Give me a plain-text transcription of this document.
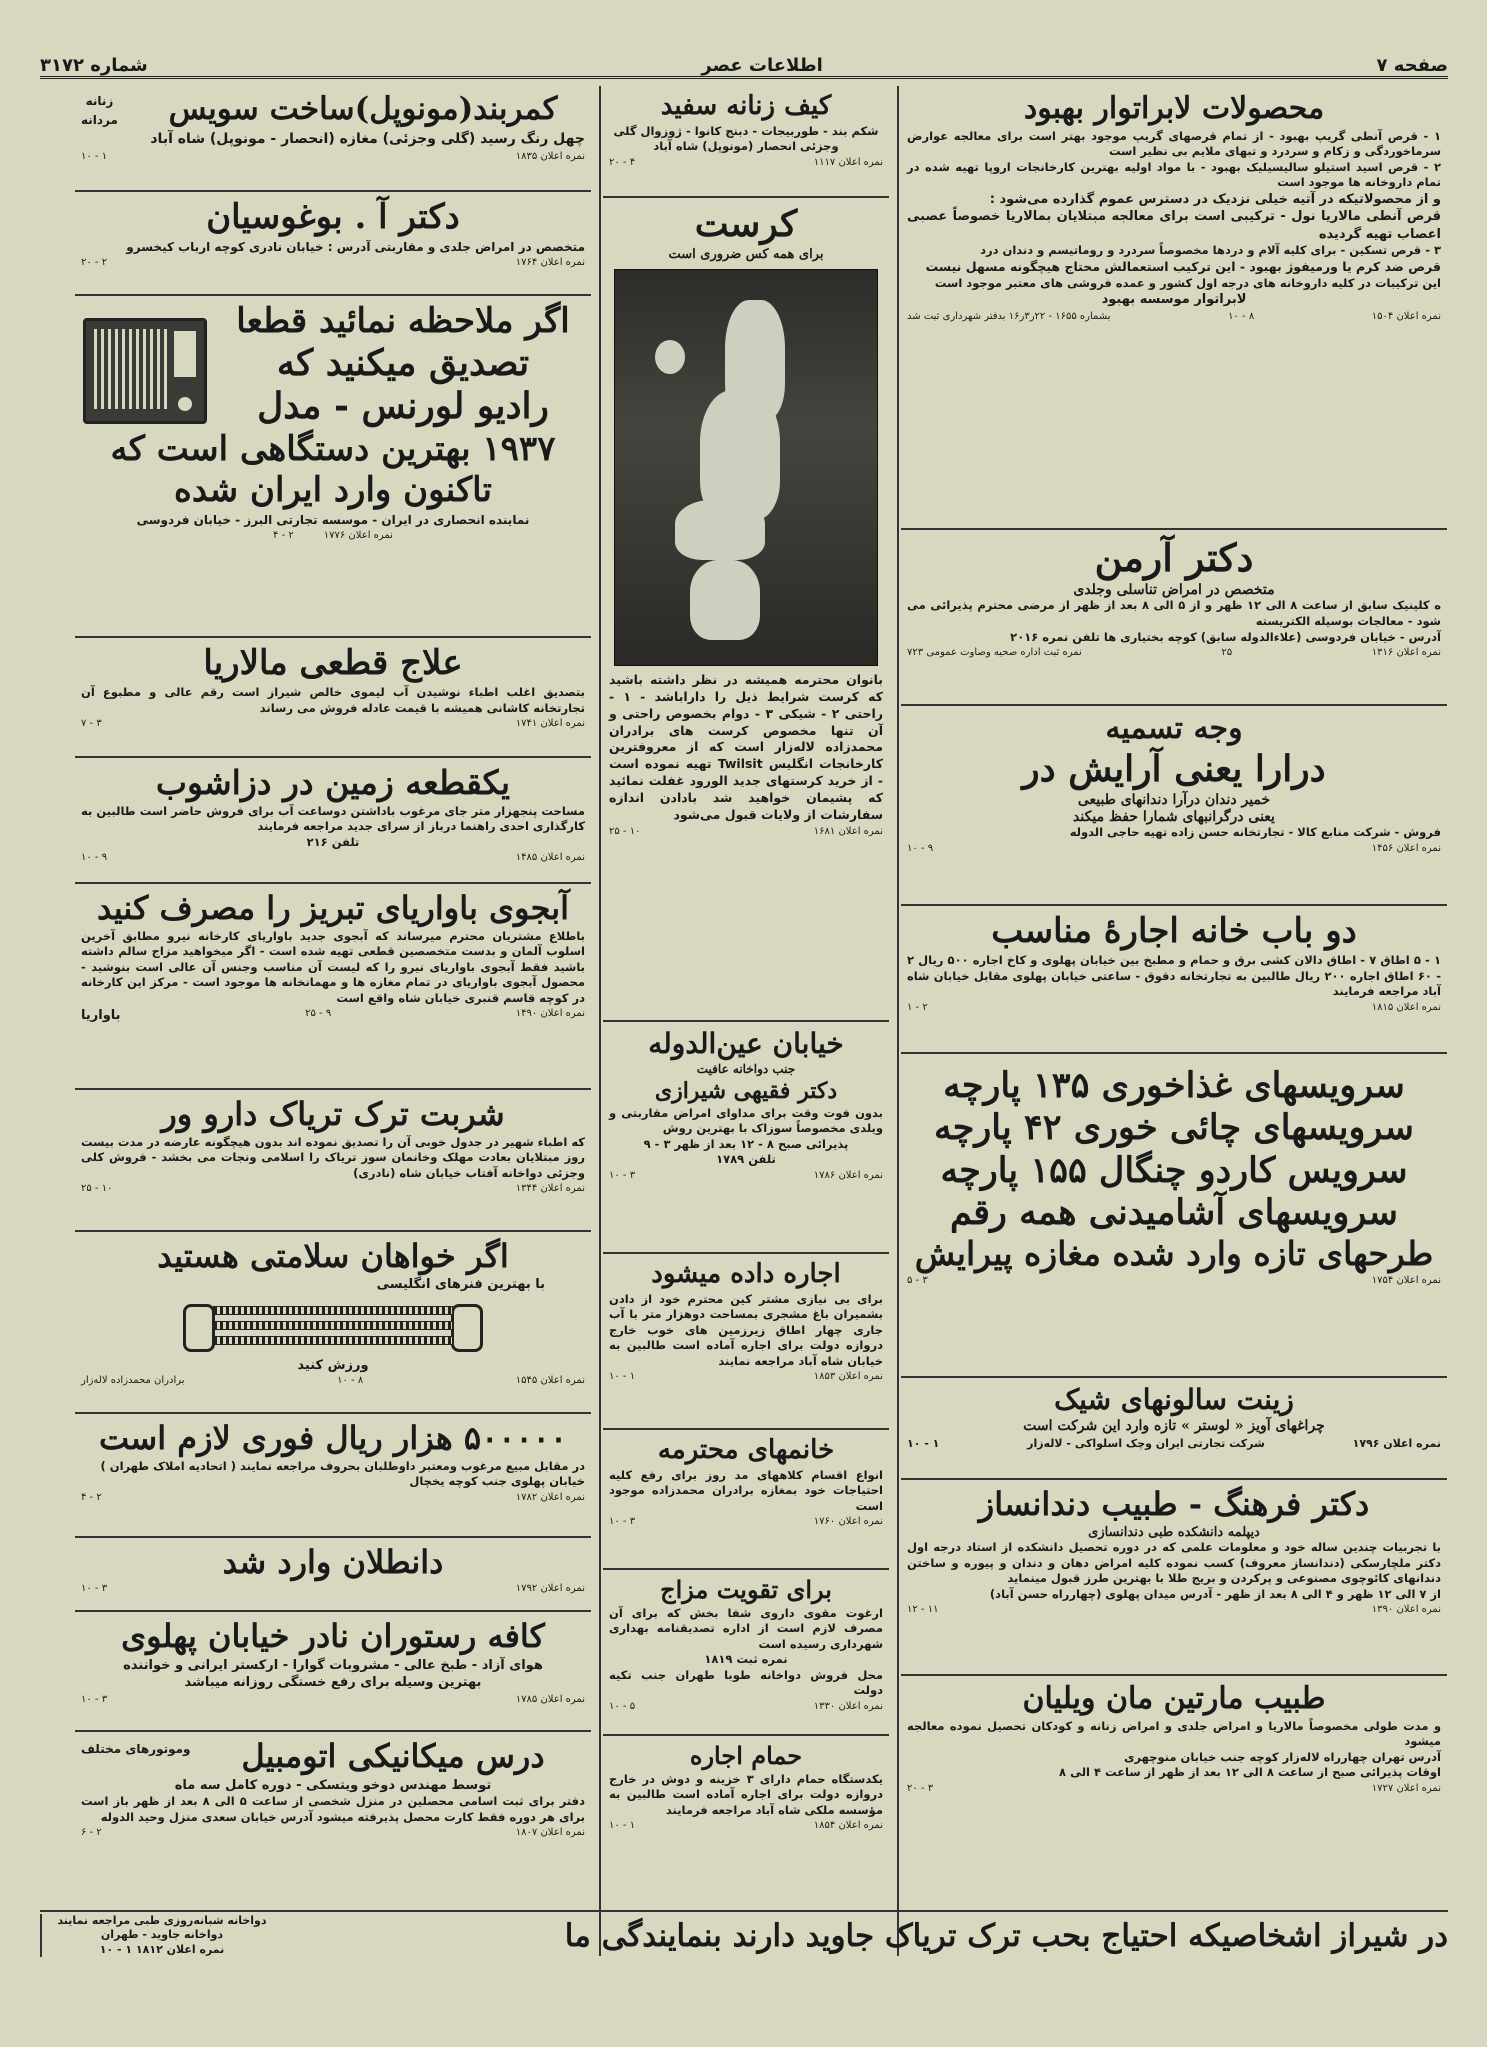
صفحه ۷
اطلاعات عصر
شماره ۳۱۷۲
محصولات لابراتوار بهبود

۱ - قرص آنطی گریپ بهبود - از تمام قرصهای گریپ موجود بهتر است برای معالجه عوارض سرماخوردگی و زکام و سردرد و تبهای ملایم بی نظیر است

۲ - قرص اسید استیلو سالیسیلیک بهبود - با مواد اولیه بهترین کارخانجات اروپا تهیه شده در تمام داروخانه ها موجود است

و از محصولاتیکه در آتیه خیلی نزدیک در دسترس عموم گذارده می‌شود :

قرص آنطی مالاریا نول - ترکیبی است برای معالجه مبتلایان بمالاریا خصوصاً عصبی اعصاب تهیه گردیده

۳ - قرص تسکین - برای کلیه آلام و دردها مخصوصاً سردرد و روماتیسم و دندان درد

قرص ضد کرم یا ورمیفوژ بهبود - این ترکیب استعمالش محتاج هیچگونه مسهل نیست

این ترکیبات در کلیه داروخانه های درجه اول کشور و عمده فروشی های معتبر موجود است

لابراتوار موسسه بهبود

نمره اعلان ۱۵۰۴
۸ - ۱۰
بشماره ۱۶۵۵ - ۲۲ر۳ر۱۶ بدفتر شهرداری ثبت شد
دکتر آرمن
متخصص در امراض تناسلی وجلدی

ه کلینیک سابق از ساعت ۸ الی ۱۲ ظهر و از ۵ الی ۸ بعد از ظهر از مرضی محترم پذیرائی می شود - معالجات بوسیله الکتریسته

آدرس - خیابان فردوسی (علاءالدوله سابق) کوچه بختیاری ها تلفن نمره ۲۰۱۶

نمره اعلان ۱۳۱۶
۲۵
نمره ثبت اداره صحیه وصاوت عمومی ۷۲۳
وجه تسمیه
درارا یعنی آرایش در
خمیر دندان درآرا دندانهای طبیعی
یعنی درگرانبهای شمارا حفظ میکند

فروش - شرکت منابع کالا - تجارتخانه حسن زاده تهیه حاجی الدوله

نمره اعلان ۱۴۵۶
۹ - ۱۰
دو باب خانه اجارهٔ مناسب

۱ - ۵ اطاق ۷ - اطاق دالان کشی برق و حمام و مطبخ بین خیابان پهلوی و کاخ اجاره ۵۰۰ ریال ۲ - ۶۰ اطاق اجاره ۲۰۰ ریال طالبین به تجارتخانه دقوق - ساعتی خیابان پهلوی مقابل خیابان شاه آباد مراجعه فرمایند

نمره اعلان ۱۸۱۵
۲ - ۱
سرویسهای غذاخوری ۱۳۵ پارچه
سرویسهای چائی خوری ۴۲ پارچه
سرویس کاردو چنگال ۱۵۵ پارچه
سرویسهای آشامیدنی همه رقم
طرحهای تازه وارد شده مغازه پیرایش
نمره اعلان ۱۷۵۴
۳ - ۵
زینت سالونهای شیک
چراغهای آویز « لوستر » تازه وارد این شرکت است
نمره اعلان ۱۷۹۶
شرکت تجارتی ایران وچک اسلواکی - لاله‌زار
۱ - ۱۰
دکتر فرهنگ - طبیب دندانساز
دیپلمه دانشکده طبی دندانسازی

با تجربیات چندین ساله خود و معلومات علمی که در دوره تحصیل دانشکده از استاد درجه اول دکتر ملچارسکی (دندانساز معروف) کسب نموده کلیه امراض دهان و دندان و پیوره و ساختن دندانهای کائوچوی مصنوعی و پرکردن و بریج طلا با بهترین طرز قبول مینماید

از ۷ الی ۱۲ ظهر و ۴ الی ۸ بعد از ظهر - آدرس میدان پهلوی (چهارراه حسن آباد)

نمره اعلان ۱۳۹۰
۱۱ - ۱۲
طبیب مارتین مان ویلیان

و مدت طولی مخصوصاً مالاریا و امراض جلدی و امراض زنانه و کودکان تحصیل نموده معالجه میشود

آدرس تهران چهارراه لاله‌زار کوچه جنب خیابان منوچهری

اوقات پذیرائی صبح از ساعت ۸ الی ۱۲ بعد از ظهر از ساعت ۴ الی ۸

نمره اعلان ۱۷۲۷
۳ - ۲۰
کیف زنانه سفید

شکم بند - طوربیجات - دبنج کانوا - ژوزوال گلی وجزئی انحصار (مونوپل) شاه آباد

نمره اعلان ۱۱۱۷
۴ - ۲۰
کرست
برای همه کس ضروری است

بانوان محترمه همیشه در نظر داشته باشید که کرست شرایط ذیل را داراباشد - ۱ - راحتی ۲ - شیکی ۳ - دوام بخصوص راحتی و آن تنها مخصوص کرست های برادران محمدزاده لاله‌زار است که از معروفترین کارخانجات انگلیس Twilsit تهیه نموده است - از خرید کرستهای جدید الورود غفلت نمائید که پشیمان خواهید شد بادادن اندازه سفارشات از ولایات قبول می‌شود

نمره اعلان ۱۶۸۱
۱۰ - ۲۵
خیابان عین‌الدوله
جنب دواخانه عافیت
دکتر فقیهی شیرازی

بدون فوت وقت برای مداوای امراض مقاربتی و ویلدی مخصوصاً سوزاک با بهترین روش

پذیرائی صبح ۸ - ۱۲ بعد از ظهر ۳ - ۹

تلفن ۱۷۸۹

نمره اعلان ۱۷۸۶
۳ - ۱۰
اجاره داده میشود

برای بی نیازی مشتر کین محترم خود از دادن بشمیران باغ مشجری بمساحت دوهزار متر با آب جاری چهار اطاق زیرزمین های خوب خارج دروازه دولت برای اجاره آماده است طالبین به خیابان شاه آباد مراجعه نمایند

نمره اعلان ۱۸۵۳
۱ - ۱۰
خانمهای محترمه

انواع اقسام کلاههای مد روز برای رفع کلیه احتیاجات خود بمغازه برادران محمدزاده موجود است

نمره اعلان ۱۷۶۰
۳ - ۱۰
برای تقویت مزاج

ارغوت مقوی داروی شفا بخش که برای آن مصرف لازم است از اداره تصدیقنامه بهداری شهرداری رسیده است

نمره ثبت ۱۸۱۹

محل فروش دواخانه طوبا طهران جنب تکیه دولت

نمره اعلان ۱۳۳۰
۵ - ۱۰
حمام اجاره

یکدستگاه حمام دارای ۳ خزینه و دوش در خارج دروازه دولت برای اجاره آماده است طالبین به مؤسسه ملکی شاه آباد مراجعه فرمایند

نمره اعلان ۱۸۵۴
۱ - ۱۰
زنانه
مردانه	کمربند(مونوپل)ساخت سویس

چهل رنگ رسید (گلی وجزئی) مغازه (انحصار - مونوپل) شاه آباد

نمره اعلان ۱۸۳۵
۱ - ۱۰
دکتر آ . بوغوسیان

متخصص در امراض جلدی و مقاربتی آدرس : خیابان نادری کوچه ارباب کیخسرو

نمره اعلان ۱۷۶۴
۲ - ۲۰
اگر ملاحظه نمائید قطعا
تصدیق میکنید که
رادیو لورنس - مدل
۱۹۳۷ بهترین دستگاهی است که
تاکنون وارد ایران شده

نماینده انحصاری در ایران - موسسه تجارتی البرز - خیابان فردوسی

نمره اعلان ۱۷۷۶
۲ - ۴
علاج قطعی مالاریا

بتصدیق اغلب اطباء نوشیدن آب لیموی خالص شیراز است رقم عالی و مطبوع آن تجارتخانه کاشانی همیشه با قیمت عادله فروش می رساند

نمره اعلان ۱۷۴۱
۳ - ۷
یکقطعه زمین در دزاشوب

مساحت پنجهزار متر جای مرغوب باداشتن دوساعت آب برای فروش حاضر است طالبین به کارگذاری احدی راهنما درباز از سرای جدید مراجعه فرمایند

تلفن ۲۱۶

نمره اعلان ۱۴۸۵
۹ - ۱۰
آبجوی باواریای تبریز را مصرف کنید

باطلاع مشتریان محترم میرساند که آبجوی جدید باواریای کارخانه نیرو مطابق آخرین اسلوب آلمان و بدست متخصصین قطعی تهیه شده است - اگر میخواهید مزاج سالم داشته باشید فقط آبجوی باواریای نیرو را که لیست آن مناسب وجنس آن عالی است بنوشید - محصول آبجوی باواریای در تمام مغازه ها و مهمانخانه ها موجود است - مرکز این کارخانه در کوچه قاسم قنبری خیابان شاه واقع است

نمره اعلان ۱۴۹۰
۹ - ۲۵
باواریا
شربت ترک تریاک دارو ور

که اطباء شهیر در جدول خوبی آن را تصدیق نموده اند بدون هیچگونه عارضه در مدت بیست روز مبتلایان بعادت مهلک وخانمان سوز تریاک را اسلامی ونجات می بخشد - فروش کلی وجزئی دواخانه آفتاب خیابان شاه (نادری)

نمره اعلان ۱۳۴۴
۱۰ - ۲۵
اگر خواهان سلامتی هستید
با بهترین فنرهای انگلیسی
ورزش کنید
نمره اعلان ۱۵۴۵
۸ - ۱۰
برادران محمدزاده لاله‌زار
۵۰۰۰۰۰ هزار ریال فوری لازم است

در مقابل مبیع مرغوب ومعتبر داوطلبان بحروف مراجعه نمایند ( اتحادیه املاک طهران )

خیابان پهلوی جنب کوچه یخچال

نمره اعلان ۱۷۸۲
۲ - ۴
دانطلان وارد شد
نمره اعلان ۱۷۹۲
۳ - ۱۰
کافه رستوران نادر خیابان پهلوی

هوای آزاد - طبخ عالی - مشروبات گوارا - ارکستر ایرانی و خواننده

بهترین وسیله برای رفع خستگی روزانه میباشد

نمره اعلان ۱۷۸۵
۳ - ۱۰
وموتورهای مختلف	درس میکانیکی اتومبیل

توسط مهندس دوخو ویتسکی - دوره کامل سه ماه

دفتر برای ثبت اسامی محصلین در منزل شخصی از ساعت ۵ الی ۸ بعد از ظهر باز است برای هر دوره فقط کارت محصل پذیرفته میشود آدرس خیابان سعدی منزل وحید الدوله

نمره اعلان ۱۸۰۷
۲ - ۶
در شیراز اشخاصیکه احتیاج بحب ترک تریاک جاوید دارند بنمایندگی ما
دواخانه شبانه‌روزی طبی مراجعه نمایند
دواخانه جاوید - طهران
نمره اعلان ۱۸۱۲ ۱ - ۱۰
